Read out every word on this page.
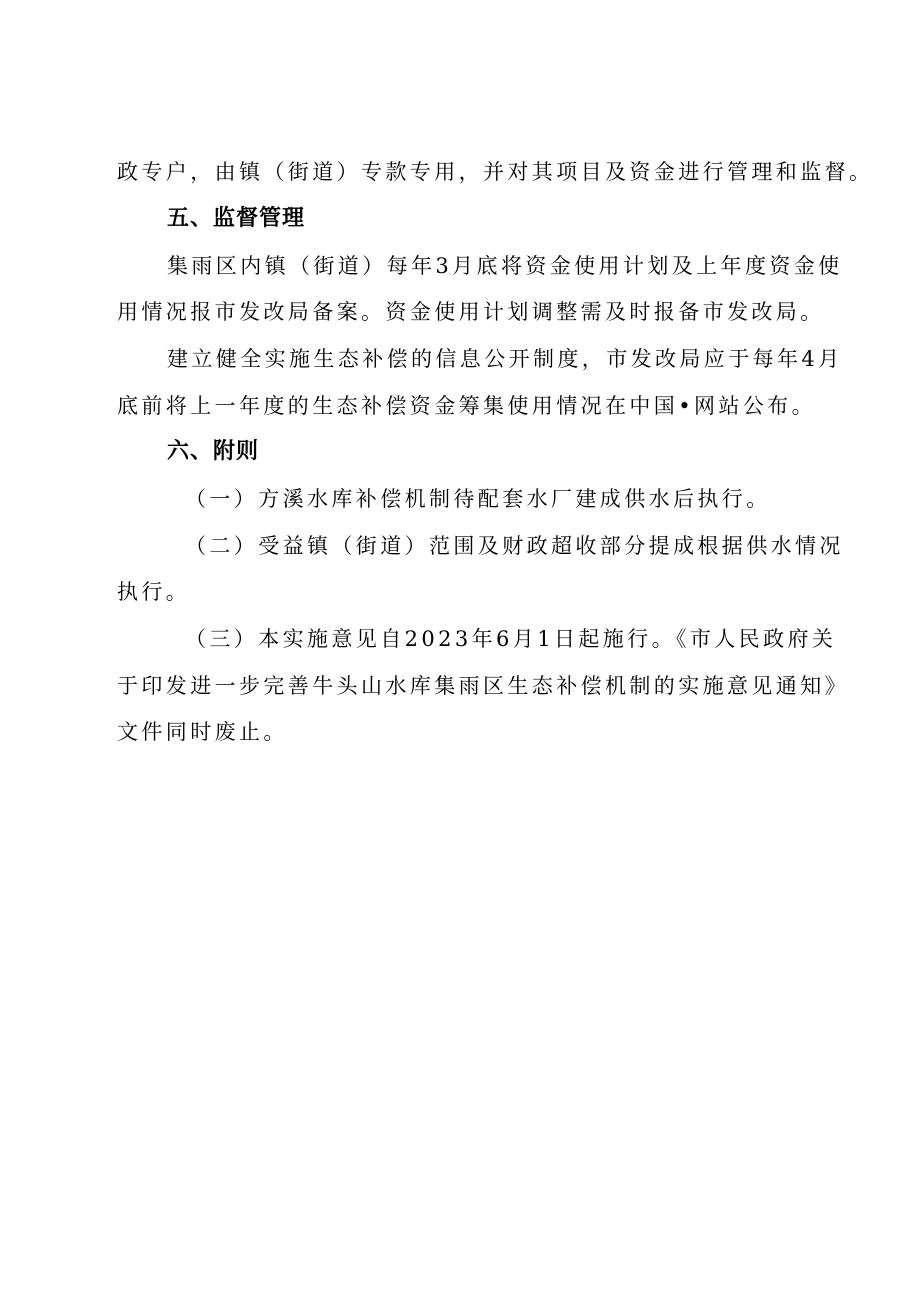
政专户，由镇（街道）专款专用，并对其项目及资金进行管理和监督。
五、监督管理
集雨区内镇（街道）每年3月底将资金使用计划及上年度资金使
用情况报市发改局备案。资金使用计划调整需及时报备市发改局。
建立健全实施生态补偿的信息公开制度，市发改局应于每年4月
底前将上一年度的生态补偿资金筹集使用情况在中国•网站公布。
六、附则
（一）方溪水库补偿机制待配套水厂建成供水后执行。
（二）受益镇（街道）范围及财政超收部分提成根据供水情况
执行。
（三）本实施意见自2023年6月1日起施行。《市人民政府关
于印发进一步完善牛头山水库集雨区生态补偿机制的实施意见通知》
文件同时废止。
